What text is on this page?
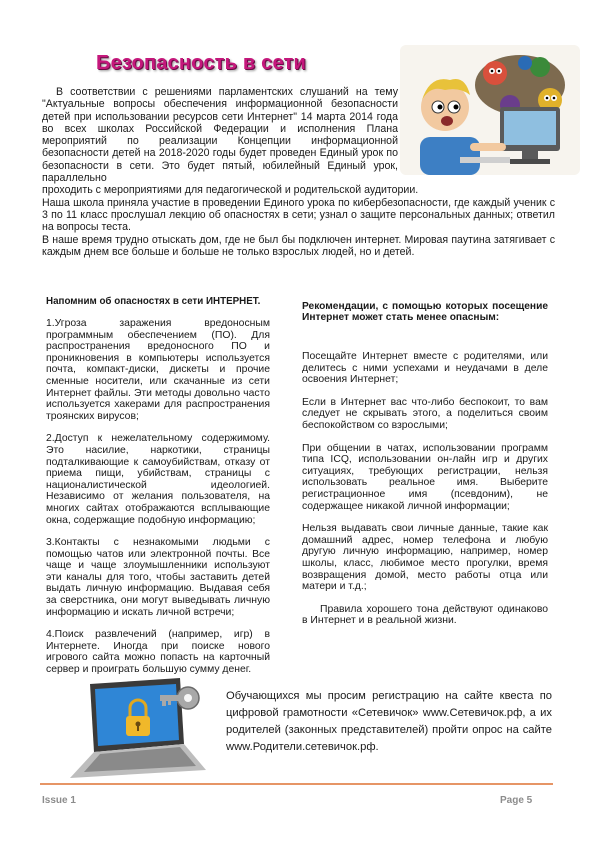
Безопасность в сети

В соответствии с решениями парламентских слушаний на тему "Актуальные вопросы обеспечения информационной безопасности детей при использовании ресурсов сети Интернет" 14 марта 2014 года во всех школах Российской Федерации и исполнения Плана мероприятий по реализации Концепции информационной безопасности детей на 2018-2020 годы будет проведен Единый урок по безопасности в сети. Это будет пятый, юбилейный Единый урок, параллельно

проходить с мероприятиями для педагогической и родительской аудитории.

Наша школа приняла участие в проведении Единого урока по кибербезопасности, где каждый ученик с 3 по 11 класс прослушал лекцию об опасностях в сети; узнал о защите персональных данных; ответил на вопросы теста.

В наше время трудно отыскать дом, где не был бы подключен интернет. Мировая паутина затягивает с каждым днем все больше и больше не только взрослых людей, но и детей.

Напомним об опасностях в сети ИНТЕРНЕТ.

1.Угроза заражения вредоносным программным обеспечением (ПО). Для распространения вредоносного ПО и проникновения в компьютеры используется почта, компакт-диски, дискеты и прочие сменные носители, или скачанные из сети Интернет файлы. Эти методы довольно часто используется хакерами для распространения троянских вирусов;

2.Доступ к нежелательному содержимому. Это насилие, наркотики, страницы подталкивающие к самоубийствам, отказу от приема пищи, убийствам, страницы с националистической идеологией. Независимо от желания пользователя, на многих сайтах отображаются всплывающие окна, содержащие подобную информацию;

3.Контакты с незнакомыми людьми с помощью чатов или электронной почты. Все чаще и чаще злоумышленники используют эти каналы для того, чтобы заставить детей выдать личную информацию. Выдавая себя за сверстника, они могут выведывать личную информацию и искать личной встречи;

4.Поиск развлечений (например, игр) в Интернете. Иногда при поиске нового игрового сайта можно попасть на карточный сервер и проиграть большую сумму денег.

Рекомендации, с помощью которых посещение Интернет может стать менее опасным:

Посещайте Интернет вместе с родителями, или делитесь с ними успехами и неудачами в деле освоения Интернет;

Если в Интернет вас что-либо беспокоит, то вам следует не скрывать этого, а поделиться своим беспокойством со взрослыми;

При общении в чатах, использовании программ типа ICQ, использовании он-лайн игр и других ситуациях, требующих регистрации, нельзя использовать реальное имя. Выберите регистрационное имя (псевдоним), не содержащее никакой личной информации;

Нельзя выдавать свои личные данные, такие как домашний адрес, номер телефона и любую другую личную информацию, например, номер школы, класс, любимое место прогулки, время возвращения домой, место работы отца или матери и т.д.;

Правила хорошего тона действуют одинаково в Интернет и в реальной жизни.

Обучающихся мы просим регистрацию на сайте квеста по цифровой грамотности «Сетевичок» www.Сетевичок.рф, а их родителей (законных представителей) пройти опрос на сайте www.Родители.сетевичок.рф.

Issue 1	Page 5
